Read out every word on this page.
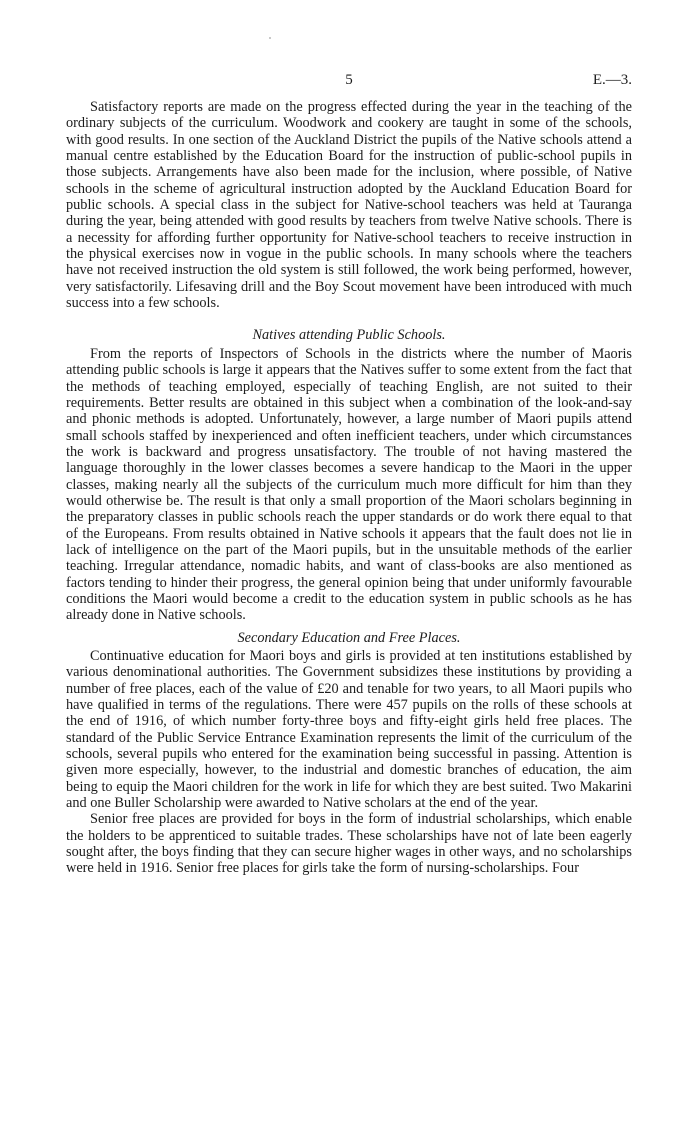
5	E.—3.

Satisfactory reports are made on the progress effected during the year in the teaching of the ordinary subjects of the curriculum. Woodwork and cookery are taught in some of the schools, with good results. In one section of the Auckland District the pupils of the Native schools attend a manual centre established by the Education Board for the instruction of public-school pupils in those subjects. Arrangements have also been made for the inclusion, where possible, of Native schools in the scheme of agricultural instruction adopted by the Auckland Education Board for public schools. A special class in the subject for Native-school teachers was held at Tauranga during the year, being attended with good results by teachers from twelve Native schools. There is a necessity for affording further opportunity for Native-school teachers to receive instruction in the physical exercises now in vogue in the public schools. In many schools where the teachers have not received instruction the old system is still followed, the work being performed, however, very satisfactorily. Lifesaving drill and the Boy Scout movement have been introduced with much success into a few schools.

Natives attending Public Schools.

From the reports of Inspectors of Schools in the districts where the number of Maoris attending public schools is large it appears that the Natives suffer to some extent from the fact that the methods of teaching employed, especially of teaching English, are not suited to their requirements. Better results are obtained in this subject when a combination of the look-and-say and phonic methods is adopted. Unfortunately, however, a large number of Maori pupils attend small schools staffed by inexperienced and often inefficient teachers, under which circumstances the work is backward and progress unsatisfactory. The trouble of not having mastered the language thoroughly in the lower classes becomes a severe handicap to the Maori in the upper classes, making nearly all the subjects of the curriculum much more difficult for him than they would otherwise be. The result is that only a small proportion of the Maori scholars beginning in the preparatory classes in public schools reach the upper standards or do work there equal to that of the Europeans. From results obtained in Native schools it appears that the fault does not lie in lack of intelligence on the part of the Maori pupils, but in the unsuitable methods of the earlier teaching. Irregular attendance, nomadic habits, and want of class-books are also mentioned as factors tending to hinder their progress, the general opinion being that under uniformly favourable conditions the Maori would become a credit to the education system in public schools as he has already done in Native schools.

Secondary Education and Free Places.

Continuative education for Maori boys and girls is provided at ten institutions established by various denominational authorities. The Government subsidizes these institutions by providing a number of free places, each of the value of £20 and tenable for two years, to all Maori pupils who have qualified in terms of the regulations. There were 457 pupils on the rolls of these schools at the end of 1916, of which number forty-three boys and fifty-eight girls held free places. The standard of the Public Service Entrance Examination represents the limit of the curriculum of the schools, several pupils who entered for the examination being successful in passing. Attention is given more especially, however, to the industrial and domestic branches of education, the aim being to equip the Maori children for the work in life for which they are best suited. Two Makarini and one Buller Scholarship were awarded to Native scholars at the end of the year.

Senior free places are provided for boys in the form of industrial scholarships, which enable the holders to be apprenticed to suitable trades. These scholarships have not of late been eagerly sought after, the boys finding that they can secure higher wages in other ways, and no scholarships were held in 1916. Senior free places for girls take the form of nursing-scholarships. Four
